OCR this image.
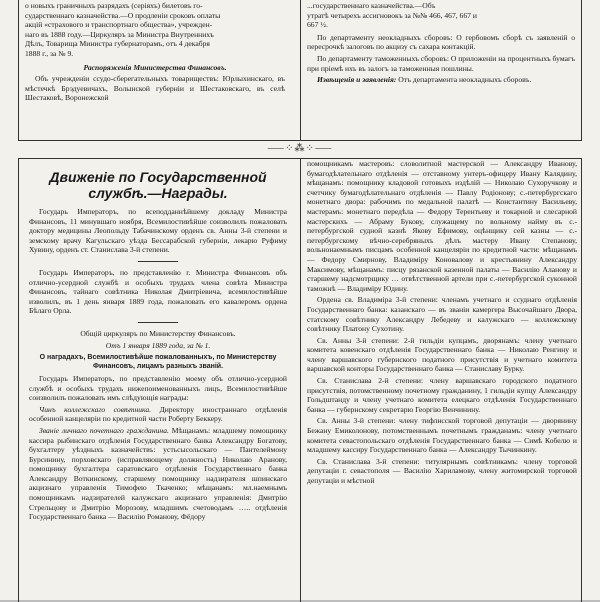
о новыхъ граничныхъ разрядахъ (серіяхъ) билетовъ го-

сударственнаго казначейства.—О продленіи сроковъ оплаты

акцій «страхового и транспортнаго общества», учрежден-

наго въ 1888 году.—Циркуляръ за Министра Внутреннихъ

Дѣлъ, Товарища Министра губернаторамъ, отъ 4 декабря

1888 г., за № 9.

Распоряженія Министерства Финансовъ.

Объ учрежденіи ссудо-сберегательныхъ товариществъ: Юрлыхинскаго, въ мѣстечкѣ Брэдуевичахъ, Волынской губерніи и Шестаковскаго, въ селѣ Шестаковѣ, Воронежской

...государственнаго казначейства.—Объ

утратѣ четырехъ ассигновокъ за №№ 466, 467, 667 и

667 ½.

По департаменту неокладныхъ сборовъ: О гербовомъ сборѣ съ заявленій о пересрочкѣ залоговъ по акцизу съ сахара контакцій.

По департаменту таможенныхъ сборовъ: О приложеніи на процентныхъ бумагъ при пріемѣ ихъ въ залогъ за таможенныя пошлины.

Извѣщенія и заявленія: Отъ департамента неокладныхъ сборовъ.

⸺⁘⁂⁘⸺
Движеніе по Государственной службѣ.—Награды.

Государь Императоръ, по всеподданнѣйшему докладу Министра Финансовъ, 11 минувшаго ноября, Всемилостивѣйше соизволилъ пожаловать доктору медицины Леопольду Табачинскому орденъ св. Анны 3-й степени и земскому врачу Кагульскаго уѣзда Бессарабской губерніи, лекарю Руфиму Хувину, орденъ ст. Станислава 3-й степени.

Государь Императоръ, по представленію г. Министра Финансовъ объ отлично-усердной службѣ и особыхъ трудахъ члена совѣта Министра Финансовъ, тайнаго совѣтника Николая Дмитріевича, всемилостивѣйше изволилъ, въ 1 день января 1889 года, пожаловать его кавалеромъ ордена Бѣлаго Орла.

Общій циркуляръ по Министерству Финансовъ.
Отъ 1 января 1889 года, за № 1.
О наградахъ, Всемилостивѣйше пожалованныхъ, по Министерству Финансовъ, лицамъ разныхъ званій.

Государь Императоръ, по представленію моему объ отлично-усердной службѣ и особыхъ трудахъ нижепоименованныхъ лицъ, Всемилостивѣйше соизволилъ пожаловать имъ слѣдующія награды:

Чинъ коллежскаго совѣтника. Директору иностраннаго отдѣленія особенной канцеляріи по кредитной части Роберту Беккеру.

Званіе личнаго почетнаго гражданина. Мѣщанамъ: младшему помощнику кассира рыбинскаго отдѣленія Государственнаго банка Александру Богатову, бухгалтеру уѣздныхъ казначействъ: устьсысольскаго — Пантелеймону Бурсинину, порховскаго (исправляющему должность) Николаю Аранову, помощнику бухгалтера саратовскаго отдѣленія Государственнаго банка Александру Воткинскому, старшему помощнику надзирателя шпинскаго акцизнаго управленія Тимофею Ткаченко; мѣщанамъ: мл.наемнымъ помощникамъ надзирателей калужскаго акцизнаго управленія: Дмитрію Стрельцову и Дмитрію Морозову, младшимъ счетоводамъ ….. отдѣленія Государственнаго банка — Василію Романову, Фёдору

помощникамъ мастеровъ: словолитной мастерской — Александру Иванову, бумагодѣлательнаго отдѣленія — отставному унтеръ-офицеру Ивану Калядину, мѣщанамъ: помощнику кладовой готовыхъ издѣлій — Николаю Сухоручкову и счетчику бумагодѣлательнаго отдѣленія — Павлу Родіонову; с.-петербургскаго монетнаго двора: рабочимъ по медальной палатѣ — Константину Васильеву, мастерамъ: монетнаго передѣла — Федору Терентьеву и токарной и слесарной мастерскихъ — Абраму Букову, служащему по вольному найму въ с.-петербургской судной казнѣ Якову Ефимову, оцѣнщику сей казны — с.-петербургскому вѣчно-серебряныхъ дѣлъ мастеру Ивану Степанову, вольнонаемнымъ писцамъ особенной канцеляріи по кредитной части: мѣщанамъ — Федору Смирнову, Владиміру Коновалову и крестьянину Александру Максимову, мѣщанамъ: писцу рязанской казенной палаты — Василію Аланову и старшему надсмотрщику … отвѣтственной артели при с.-петербургской суконной таможнѣ — Владиміру Юдину.

Ордена св. Владиміра 3-й степени: членамъ учетнаго и ссуднаго отдѣленія Государственнаго банка: казанскаго — въ званіи камергера Высочайшаго Двора, статскому совѣтнику Александру Лебедеву и калужскаго — коллежскому совѣтнику Платону Сухотину.

Св. Анны 3-й степени: 2-й гильдіи купцамъ, дворянамъ: члену учетнаго комитета ковенскаго отдѣленія Государственнаго банка — Николаю Ренгину и члену варшавского губернского податного присутствія и учетнаго комитета варшавской конторы Государственнаго банка — Станиславу Бурку.

Св. Станислава 2-й степени: члену варшавскаго городского податного присутствія, потомственному почетному гражданину, 1 гильдіи купцу Александру Гольдштанду и члену учетнаго комитета елецкаго отдѣленія Государственнаго банка — губернскому секретарю Георгію Венчинину.

Св. Анны 3-й степени: члену тифлисской торговой депутаціи — дворянину Бежану Емиколонову, потомственнымъ почетнымъ гражданамъ: члену учетнаго комитета севастопольскаго отдѣленія Государственнаго банка — Симѣ Кобелю и младшему кассиру Государственнаго банка — Александру Тычинкину.

Св. Станислава 3-й степени: титулярнымъ совѣтникамъ: члену торговой депутаціи г. севастополя — Василію Хариламову, члену житомирской торговой депутаціи и мѣстной
